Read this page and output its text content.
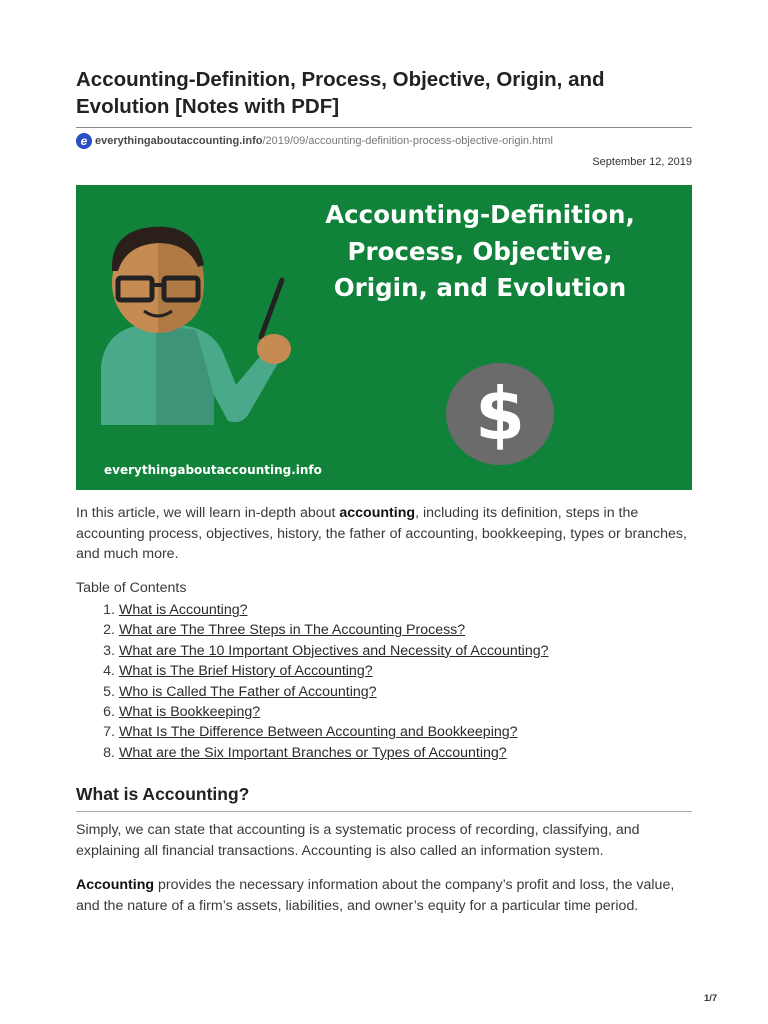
Accounting-Definition, Process, Objective, Origin, and Evolution [Notes with PDF]
e everythingaboutaccounting.info /2019/09/accounting-definition-process-objective-origin.html
September 12, 2019
Accounting-Definition, Process, Objective, Origin, and Evolution
$
everythingaboutaccounting.info

In this article, we will learn in-depth about accounting, including its definition, steps in the accounting process, objectives, history, the father of accounting, bookkeeping, types or branches, and much more.

Table of Contents
1. What is Accounting?
2. What are The Three Steps in The Accounting Process?
3. What are The 10 Important Objectives and Necessity of Accounting?
4. What is The Brief History of Accounting?
5. Who is Called The Father of Accounting?
6. What is Bookkeeping?
7. What Is The Difference Between Accounting and Bookkeeping?
8. What are the Six Important Branches or Types of Accounting?
What is Accounting?

Simply, we can state that accounting is a systematic process of recording, classifying, and explaining all financial transactions. Accounting is also called an information system.

Accounting provides the necessary information about the company’s profit and loss, the value, and the nature of a firm’s assets, liabilities, and owner’s equity for a particular time period.

1/7
